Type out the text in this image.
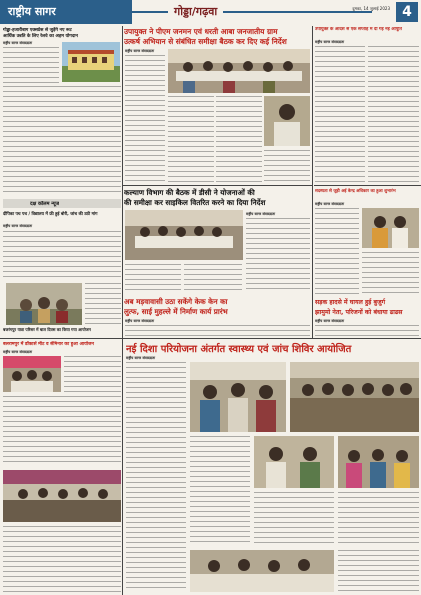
राष्ट्रीय सागर	गोड्डा/गढ़वा	दुमका, 14 जुलाई 2023 4
गोड्डा-हजारीबाग एक्सप्रेस से जुड़ेंगे नए रूट
आर्थिक उन्नति के लिए रेलवे का अहम योगदान
राष्ट्रीय सागर संवाददाता
दक्ष कॉलम न्यूज
दीपिका पथ पथ / विद्यालय में फ्री हुई बोरी, जांच की उठी मांग
राष्ट्रीय सागर संवाददाता
बजरंगपुर यात्रा परिसर में बाल दिवस का किया गया आयोजन
उपायुक्त ने पीएम जनमन एवं धरती आबा जनजातीय ग्राम
उत्कर्ष अभियान से संबंधित समीक्षा बैठक कर दिए कई निर्देश
राष्ट्रीय सागर संवाददाता
कल्याण विभाग की बैठक में डीसी ने योजनाओं की
की समीक्षा कर साइकिल वितरित करने का दिया निर्देश
राष्ट्रीय सागर संवाददाता
अब मड़वावासी उठा सकेंगे केक केन का
लुत्फ, साई मुहल्ले में निर्माण कार्य प्रारंभ
राष्ट्रीय सागर संवाददाता
उपायुक्त के आदेश से एक सप्ताह में दी गई नई आपूर्ति
राष्ट्रीय सागर संवाददाता
सदस्यता से जुड़ी अई केन्द्र अधिकार का हुआ शुभारंभ
राष्ट्रीय सागर संवाददाता
सड़क हादसे में घायल हुई बुजुर्ग
झामुमो नेता, परिजनों को बंधाया ढाढस
राष्ट्रीय सागर संवाददाता
बलरामपुर में डॉक्टर्स मीट व सेमिनार का हुआ आयोजन
राष्ट्रीय सागर संवाददाता	नई दिशा परियोजना अंतर्गत स्वास्थ्य एवं जांच शिविर आयोजित
राष्ट्रीय सागर संवाददाता
